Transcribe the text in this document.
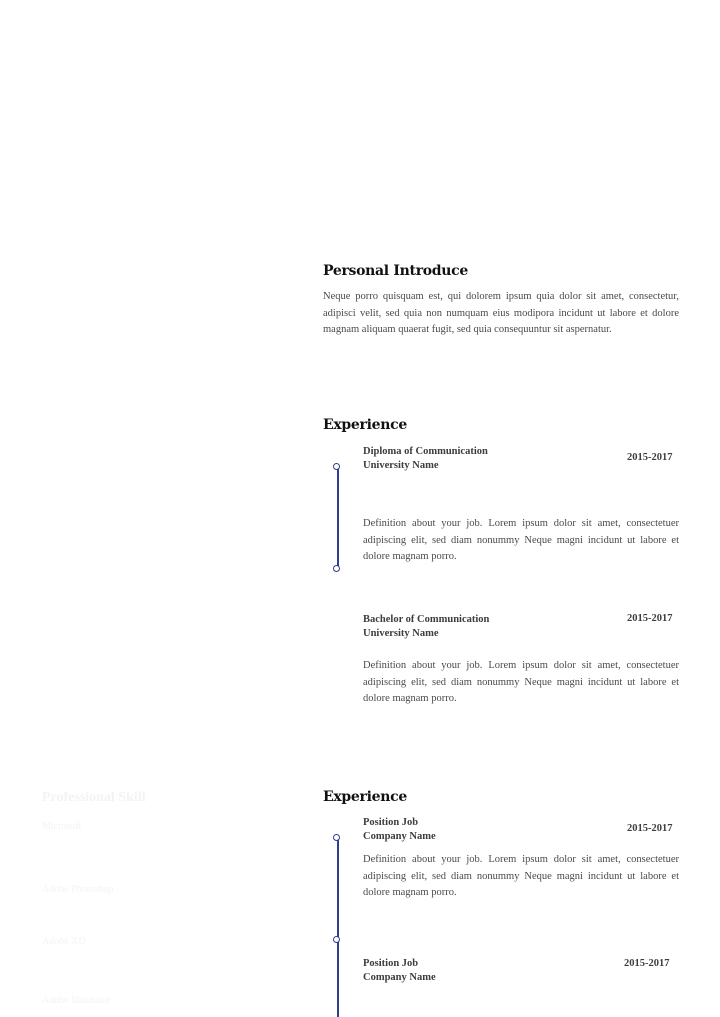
Personal Introduce
Neque porro quisquam est, qui dolorem ipsum quia dolor sit amet, consectetur, adipisci velit, sed quia non numquam eius modipora incidunt ut labore et dolore magnam aliquam quaerat fugit, sed quia consequuntur sit aspernatur.
Experience
Diploma of Communication
University Name
2015-2017
Definition about your job. Lorem ipsum dolor sit amet, consectetuer adipiscing elit, sed diam nonummy Neque magni incidunt ut labore et dolore magnam porro.
Bachelor of Communication
University Name
2015-2017
Definition about your job. Lorem ipsum dolor sit amet, consectetuer adipiscing elit, sed diam nonummy Neque magni incidunt ut labore et dolore magnam porro.
Professional Skill
Microsoft
Adobe Photoshop
Adobe XD
Adobe Illustrator
Experience
Position Job
Company Name
2015-2017
Definition about your job. Lorem ipsum dolor sit amet, consectetuer adipiscing elit, sed diam nonummy Neque magni incidunt ut labore et dolore magnam porro.
Position Job
Company Name
2015-2017
